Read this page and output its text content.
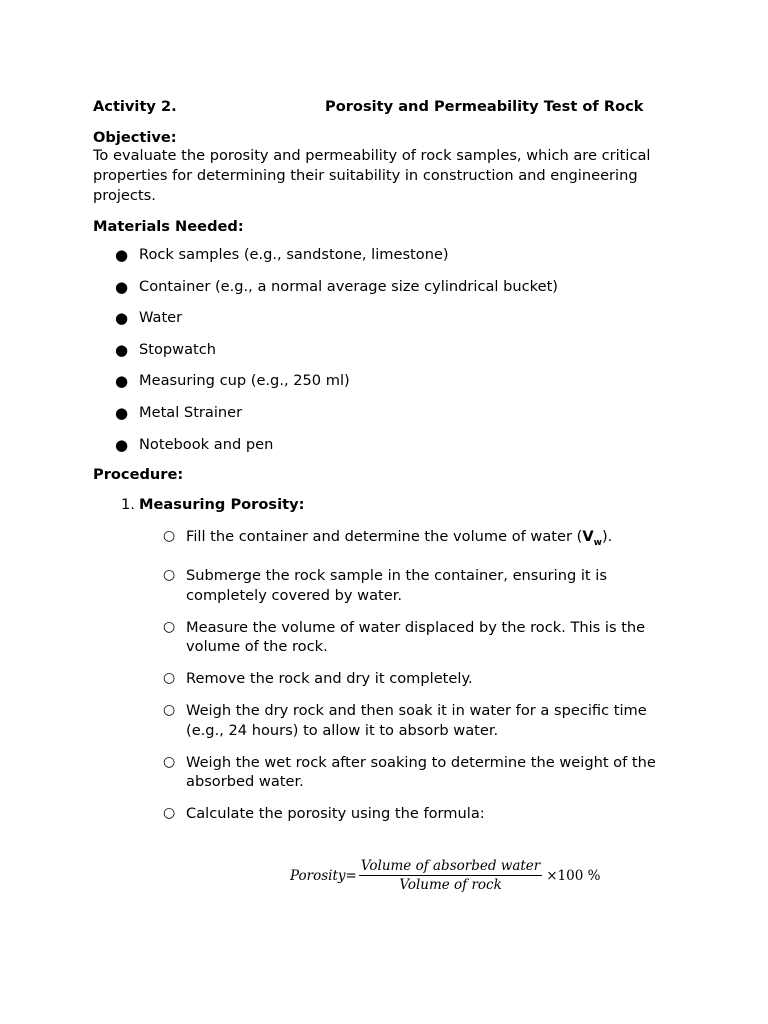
Activity 2.	Porosity and Permeability Test of Rock
Objective:
To evaluate the porosity and permeability of rock samples, which are critical properties for determining their suitability in construction and engineering projects.
Materials Needed:
● Rock samples (e.g., sandstone, limestone)
● Container (e.g., a normal average size cylindrical bucket)
● Water
● Stopwatch
● Measuring cup (e.g., 250 ml)
● Metal Strainer
● Notebook and pen
Procedure:
1. Measuring Porosity:
○ Fill the container and determine the volume of water $(V_w)$.
○ Submerge the rock sample in the container, ensuring it is completely covered by water.
○ Measure the volume of water displaced by the rock. This is the volume of the rock.
○ Remove the rock and dry it completely.
○ Weigh the dry rock and then soak it in water for a specific time (e.g., 24 hours) to allow it to absorb water.
○ Weigh the wet rock after soaking to determine the weight of the absorbed water.
○ Calculate the porosity using the formula:
Porosity = $\frac{\text{Volume of absorbed water}}{\text{Volume of rock}} \times 100$ %
